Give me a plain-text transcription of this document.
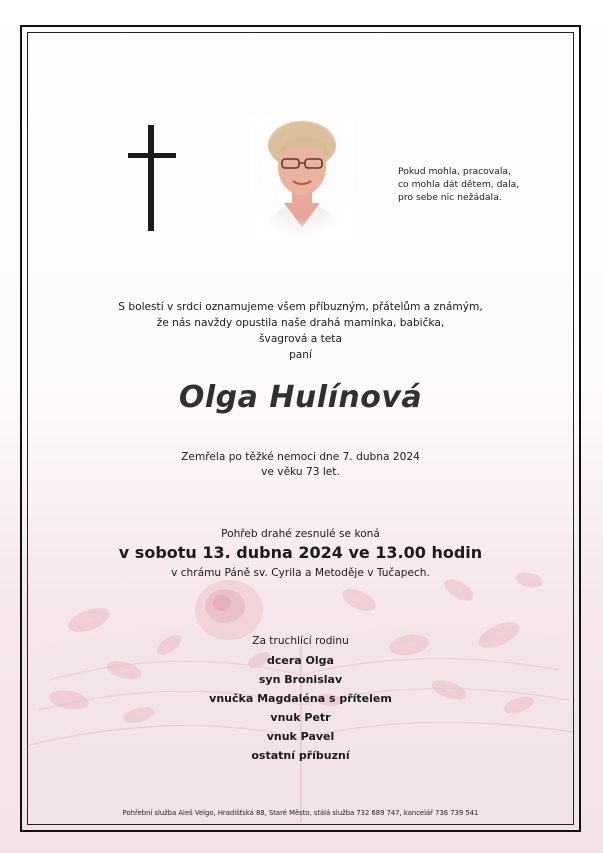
Pokud mohla, pracovala,
co mohla dát dětem, dala,
pro sebe nic nežádala.
S bolestí v srdci oznamujeme všem příbuzným, přátelům a známým,
že nás navždy opustila naše drahá maminka, babička,
švagrová a teta
paní
Olga Hulínová
Zemřela po těžké nemoci dne 7. dubna 2024
ve věku 73 let.
Pohřeb drahé zesnulé se koná
v sobotu 13. dubna 2024 ve 13.00 hodin
v chrámu Páně sv. Cyrila a Metoděje v Tučapech.
Za truchlící rodinu
dcera Olga
syn Bronislav
vnučka Magdaléna s přítelem
vnuk Petr
vnuk Pavel
ostatní příbuzní
Pohřební služba Aleš Velgo, Hradišťská 88, Staré Město, stálá služba 732 689 747, kancelář 736 739 541
